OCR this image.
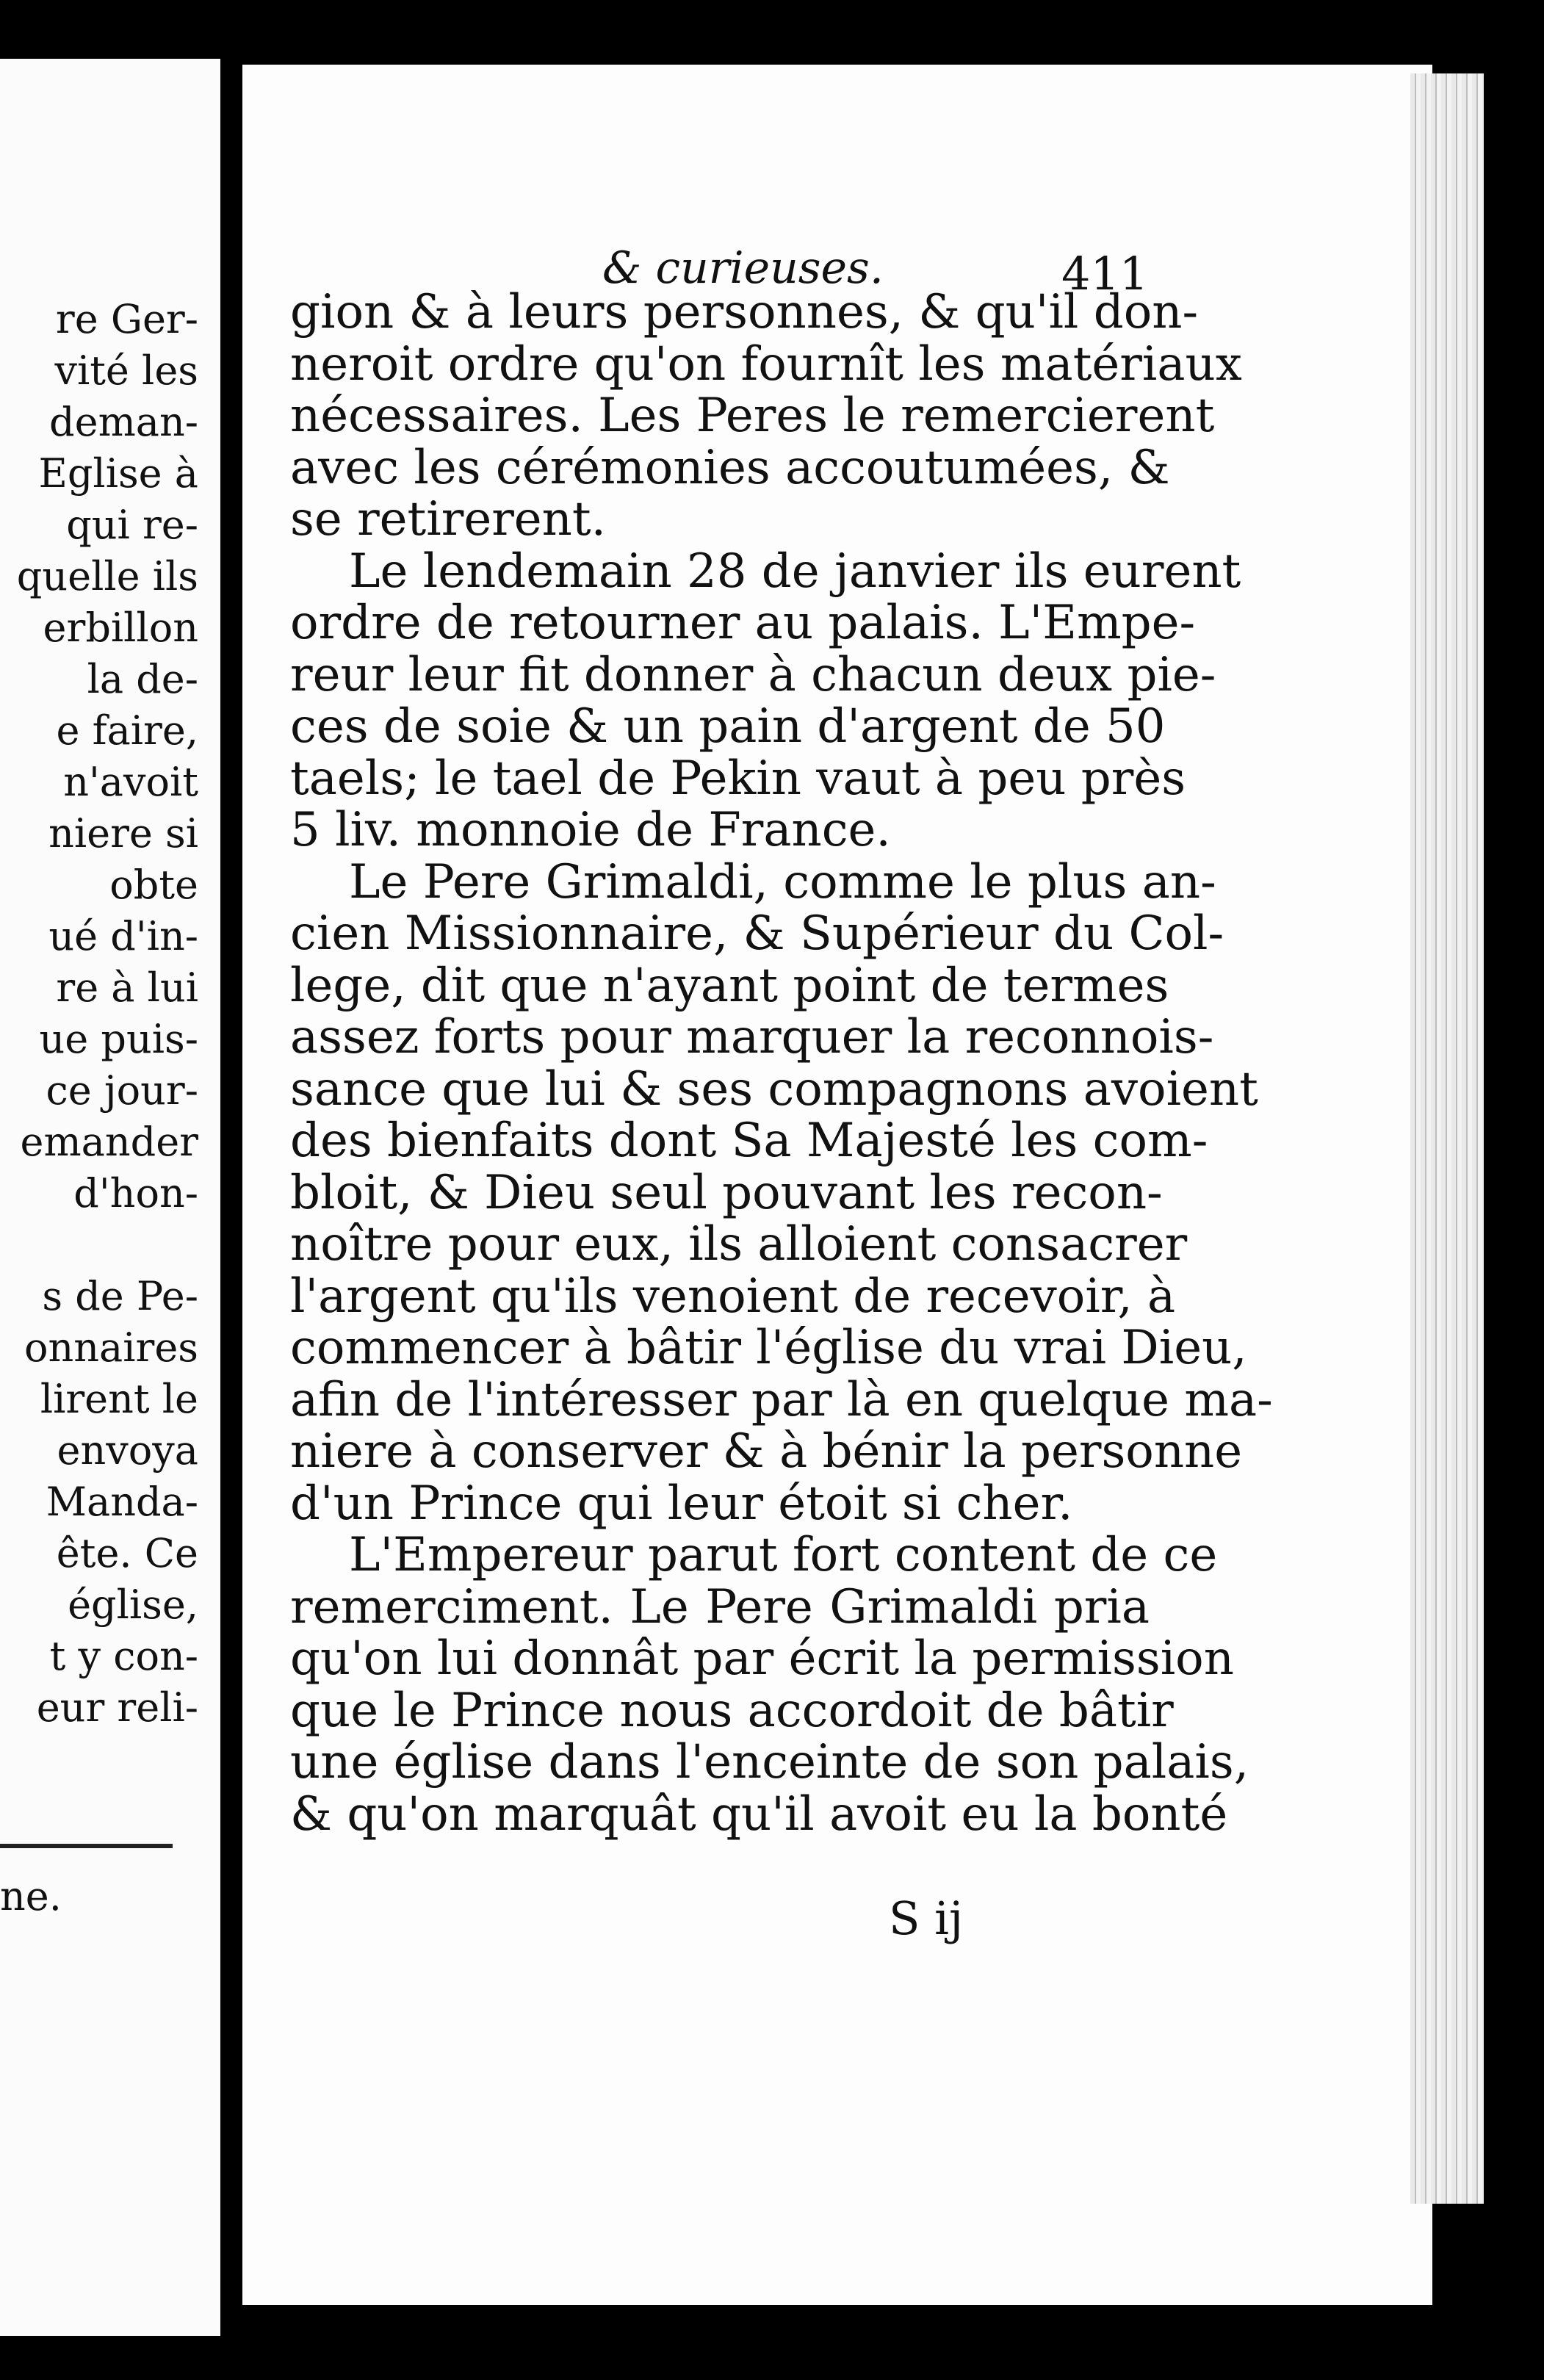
re Ger-
vité les
deman-
Eglise à
qui re-
quelle ils
erbillon
la de-
e faire,
n'avoit
niere si
obte
ué d'in-
re à lui
ue puis-
ce jour-
emander
d'hon-
s de Pe-
onnaires
lirent le
envoya
Manda-
ête. Ce
église,
t y con-
eur reli-
ne.
& curieuses.	411
gion & à leurs personnes, & qu'il don-
neroit ordre qu'on fournît les matériaux
nécessaires. Les Peres le remercierent
avec les cérémonies accoutumées, &
se retirerent.
Le lendemain 28 de janvier ils eurent
ordre de retourner au palais. L'Empe-
reur leur fit donner à chacun deux pie-
ces de soie & un pain d'argent de 50
taels; le tael de Pekin vaut à peu près
5 liv. monnoie de France.
Le Pere Grimaldi, comme le plus an-
cien Missionnaire, & Supérieur du Col-
lege, dit que n'ayant point de termes
assez forts pour marquer la reconnois-
sance que lui & ses compagnons avoient
des bienfaits dont Sa Majesté les com-
bloit, & Dieu seul pouvant les recon-
noître pour eux, ils alloient consacrer
l'argent qu'ils venoient de recevoir, à
commencer à bâtir l'église du vrai Dieu,
afin de l'intéresser par là en quelque ma-
niere à conserver & à bénir la personne
d'un Prince qui leur étoit si cher.
L'Empereur parut fort content de ce
remerciment. Le Pere Grimaldi pria
qu'on lui donnât par écrit la permission
que le Prince nous accordoit de bâtir
une église dans l'enceinte de son palais,
& qu'on marquât qu'il avoit eu la bonté
S ij
